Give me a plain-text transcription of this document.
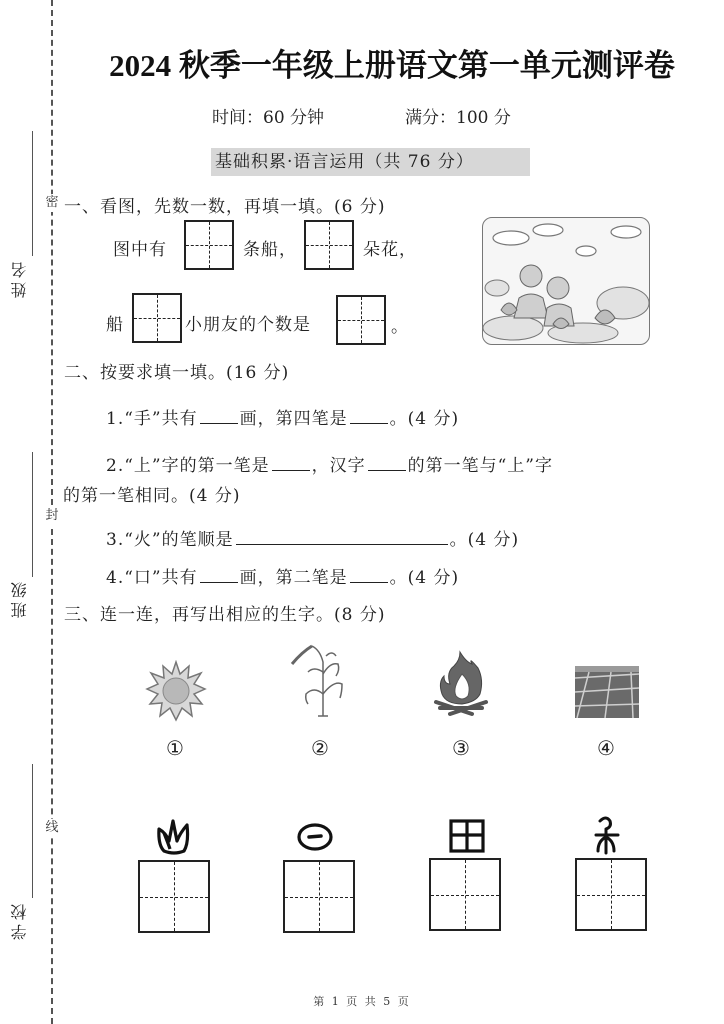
密
封
线
姓名
班级
学校
2024 秋季一年级上册语文第一单元测评卷
时间：60 分钟	满分：100 分
基础积累·语言运用（共 76 分）
一、看图，先数一数，再填一填。(6 分)
图中有	条船，	朵花，
船	小朋友的个数是	。
二、按要求填一填。(16 分)
1.“手”共有 画，第四笔是 。(4 分)
2.“上”字的第一笔是 ，汉字 的第一笔与“上”字
的第一笔相同。(4 分)
3.“火”的笔顺是	。(4 分)
4.“口”共有 画，第二笔是 。(4 分)
三、连一连，再写出相应的生字。(8 分)
①	②	③	④
第 1 页 共 5 页
